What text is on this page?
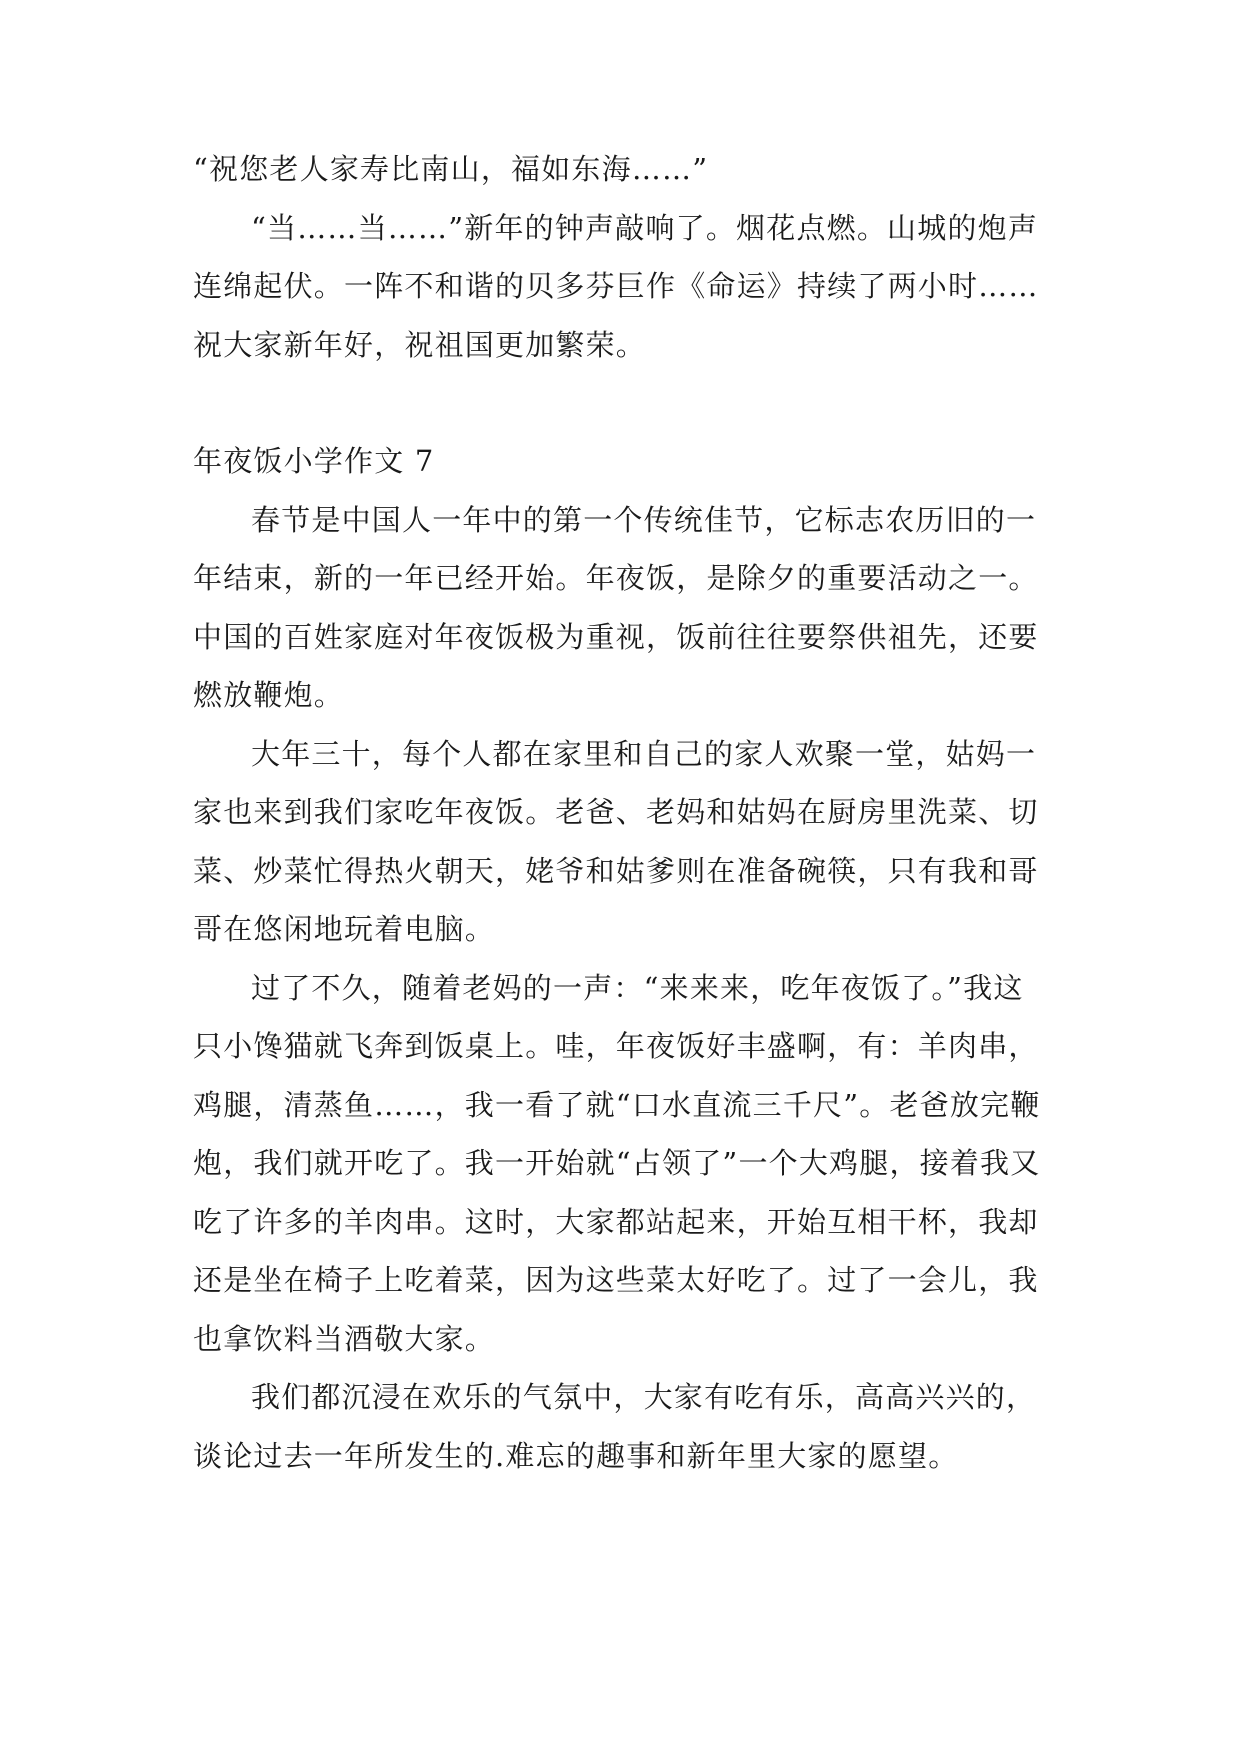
“祝您老人家寿比南山，福如东海……”

“当……当……”新年的钟声敲响了。烟花点燃。山城的炮声连绵起伏。一阵不和谐的贝多芬巨作《命运》持续了两小时……祝大家新年好，祝祖国更加繁荣。

年夜饭小学作文 7

春节是中国人一年中的第一个传统佳节，它标志农历旧的一年结束，新的一年已经开始。年夜饭，是除夕的重要活动之一。中国的百姓家庭对年夜饭极为重视，饭前往往要祭供祖先，还要燃放鞭炮。

大年三十，每个人都在家里和自己的家人欢聚一堂，姑妈一家也来到我们家吃年夜饭。老爸、老妈和姑妈在厨房里洗菜、切菜、炒菜忙得热火朝天，姥爷和姑爹则在准备碗筷，只有我和哥哥在悠闲地玩着电脑。

过了不久，随着老妈的一声：“来来来，吃年夜饭了。”我这只小馋猫就飞奔到饭桌上。哇，年夜饭好丰盛啊，有：羊肉串，鸡腿，清蒸鱼……，我一看了就“口水直流三千尺”。老爸放完鞭炮，我们就开吃了。我一开始就“占领了”一个大鸡腿，接着我又吃了许多的羊肉串。这时，大家都站起来，开始互相干杯，我却还是坐在椅子上吃着菜，因为这些菜太好吃了。过了一会儿，我也拿饮料当酒敬大家。

我们都沉浸在欢乐的气氛中，大家有吃有乐，高高兴兴的，谈论过去一年所发生的.难忘的趣事和新年里大家的愿望。
